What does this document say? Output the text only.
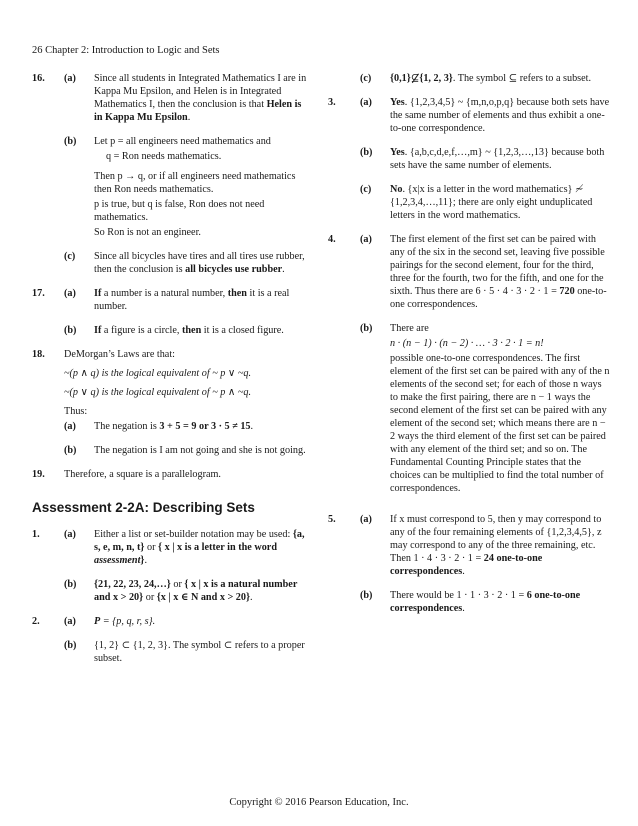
26 Chapter 2: Introduction to Logic and Sets
16. (a) Since all students in Integrated Mathematics I are in Kappa Mu Epsilon, and Helen is in Integrated Mathematics I, then the conclusion is that Helen is in Kappa Mu Epsilon.

(b) Let p = all engineers need mathematics and

q = Ron needs mathematics.

Then p → q, or if all engineers need mathematics then Ron needs mathematics.

p is true, but q is false, Ron does not need mathematics.

So Ron is not an engineer.

(c) Since all bicycles have tires and all tires use rubber, then the conclusion is all bicycles use rubber.

17. (a) If a number is a natural number, then it is a real number.

(b) If a figure is a circle, then it is a closed figure.

18. DeMorgan’s Laws are that:

~(p ∧ q) is the logical equivalent of ~ p ∨ ~q.

~(p ∨ q) is the logical equivalent of ~ p ∧ ~q.

Thus:

(a) The negation is 3 + 5 = 9 or 3 · 5 ≠ 15.

(b) The negation is I am not going and she is not going.

19. Therefore, a square is a parallelogram.

Assessment 2-2A: Describing Sets
1. (a) Either a list or set-builder notation may be used: {a, s, e, m, n, t} or { x | x is a letter in the word assessment}.

(b) {21, 22, 23, 24,…} or { x | x is a natural number and x > 20} or {x | x ∈ N and x > 20}.

2. (a) P = {p, q, r, s}.

(b) {1, 2} ⊂ {1, 2, 3}. The symbol ⊂ refers to a proper subset.

(c) {0,1}⊆{1, 2, 3}. The symbol ⊆ refers to a subset.

3. (a) Yes. {1,2,3,4,5} ~ {m,n,o,p,q} because both sets have the same number of elements and thus exhibit a one-to-one correspondence.

(b) Yes. {a,b,c,d,e,f,…,m} ~ {1,2,3,…,13} because both sets have the same number of elements.

(c) No. {x|x is a letter in the word mathematics} ≁ {1,2,3,4,…,11}; there are only eight unduplicated letters in the word mathematics.

4. (a) The first element of the first set can be paired with any of the six in the second set, leaving five possible pairings for the second element, four for the third, three for the fourth, two for the fifth, and one for the sixth. Thus there are 6 · 5 · 4 · 3 · 2 · 1 = 720 one-to-one correspondences.

(b) There are

n · (n − 1) · (n − 2) · … · 3 · 2 · 1 = n!

possible one-to-one correspondences. The first element of the first set can be paired with any of the n elements of the second set; for each of those n ways to make the first pairing, there are n − 1 ways the second element of the first set can be paired with any element of the second set; which means there are n − 2 ways the third element of the first set can be paired with any element of the third set; and so on. The Fundamental Counting Principle states that the choices can be multiplied to find the total number of correspondences.

5. (a) If x must correspond to 5, then y may correspond to any of the four remaining elements of {1,2,3,4,5}, z may correspond to any of the three remaining, etc. Then 1 · 4 · 3 · 2 · 1 = 24 one-to-one correspondences.

(b) There would be 1 · 1 · 3 · 2 · 1 = 6 one-to-one correspondences.

Copyright © 2016 Pearson Education, Inc.
